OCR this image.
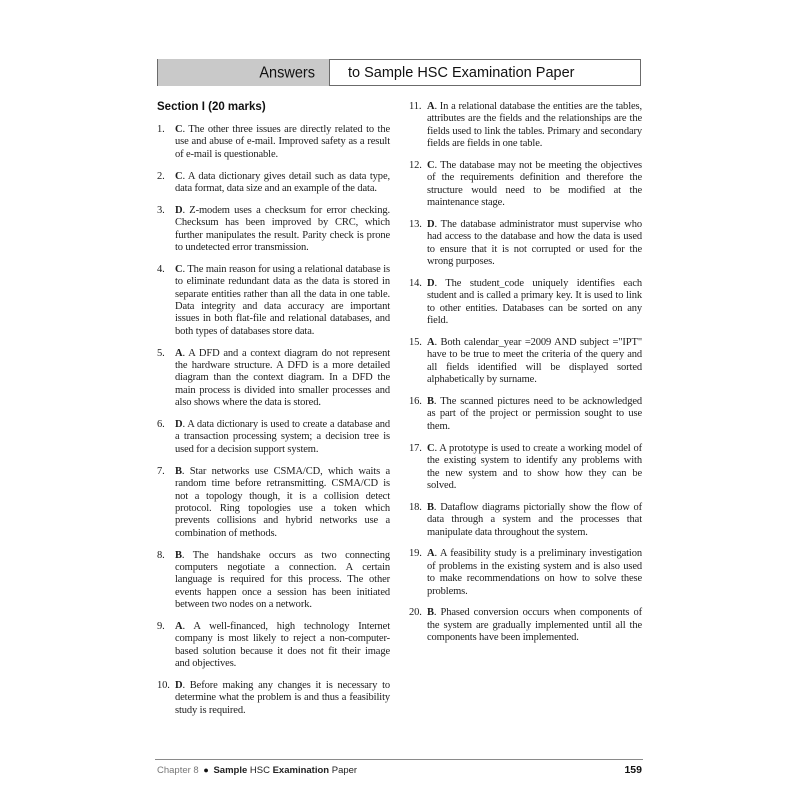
Answers	to Sample HSC Examination Paper
Section I (20 marks)
1. C. The other three issues are directly related to the use and abuse of e-mail. Improved safety as a result of e-mail is questionable.
2. C. A data dictionary gives detail such as data type, data format, data size and an example of the data.
3. D. Z-modem uses a checksum for error checking. Checksum has been improved by CRC, which further manipulates the result. Parity check is prone to undetected error transmission.
4. C. The main reason for using a relational database is to eliminate redundant data as the data is stored in separate entities rather than all the data in one table. Data integrity and data accuracy are important issues in both flat-file and relational databases, and both types of databases store data.
5. A. A DFD and a context diagram do not represent the hardware structure. A DFD is a more detailed diagram than the context diagram. In a DFD the main process is divided into smaller processes and also shows where the data is stored.
6. D. A data dictionary is used to create a database and a transaction processing system; a decision tree is used for a decision support system.
7. B. Star networks use CSMA/CD, which waits a random time before retransmitting. CSMA/CD is not a topology though, it is a collision detect protocol. Ring topologies use a token which prevents collisions and hybrid networks use a combination of methods.
8. B. The handshake occurs as two connecting computers negotiate a connection. A certain language is required for this process. The other events happen once a session has been initiated between two nodes on a network.
9. A. A well-financed, high technology Internet company is most likely to reject a non-computer-based solution because it does not fit their image and objectives.
10. D. Before making any changes it is necessary to determine what the problem is and thus a feasibility study is required.
11. A. In a relational database the entities are the tables, attributes are the fields and the relationships are the fields used to link the tables. Primary and secondary fields are fields in one table.
12. C. The database may not be meeting the objectives of the requirements definition and therefore the structure would need to be modified at the maintenance stage.
13. D. The database administrator must supervise who had access to the database and how the data is used to ensure that it is not corrupted or used for the wrong purposes.
14. D. The student_code uniquely identifies each student and is called a primary key. It is used to link to other entities. Databases can be sorted on any field.
15. A. Both calendar_year =2009 AND subject ="IPT" have to be true to meet the criteria of the query and all fields identified will be displayed sorted alphabetically by surname.
16. B. The scanned pictures need to be acknowledged as part of the project or permission sought to use them.
17. C. A prototype is used to create a working model of the existing system to identify any problems with the new system and to show how they can be solved.
18. B. Dataflow diagrams pictorially show the flow of data through a system and the processes that manipulate data throughout the system.
19. A. A feasibility study is a preliminary investigation of problems in the existing system and is also used to make recommendations on how to solve these problems.
20. B. Phased conversion occurs when components of the system are gradually implemented until all the components have been implemented.
Chapter 8 ● Sample HSC Examination Paper	159
